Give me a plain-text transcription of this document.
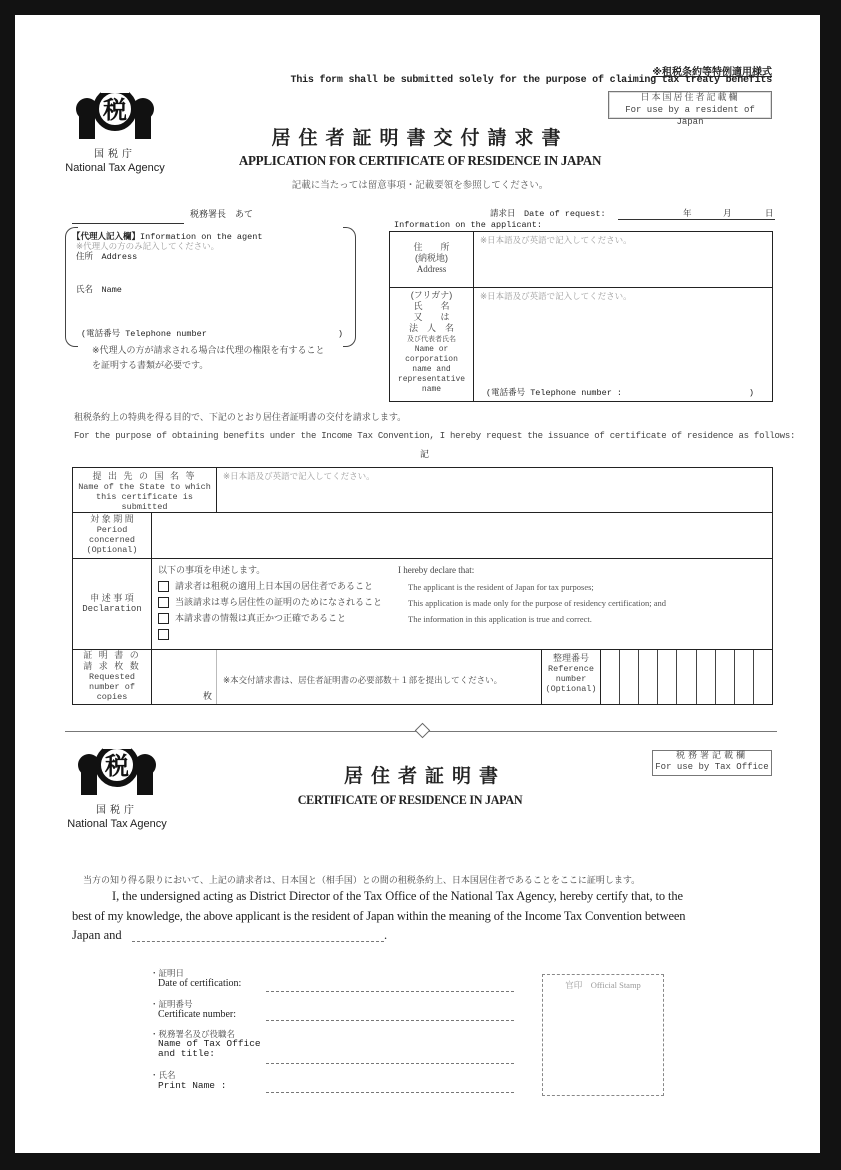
※租税条約等特例適用様式
This form shall be submitted solely for the purpose of claiming tax treaty benefits
日本国居住者記載欄
For use by a resident of Japan
税
国税庁
National Tax Agency
居住者証明書交付請求書
APPLICATION FOR CERTIFICATE OF RESIDENCE IN JAPAN
記載に当たっては留意事項・記載要領を参照してください。
税務署長　あて
【代理人記入欄】Information on the agent
※代理人の方のみ記入してください。
住所　Address
氏名　Name
(電話番号 Telephone number	)
※代理人の方が請求される場合は代理の権限を有すること
を証明する書類が必要です。
請求日　Date of request:	年	月	日
Information on the applicant:
住　　所
(納税地)
Address	※日本語及び英語で記入してください。

(フリガナ)
氏　　名
又　　は
法　人　名
及び代表者氏名
Name or
corporation
name and
representative
name

※日本語及び英語で記入してください。
(電話番号 Telephone number :	)
租税条約上の特典を得る目的で、下記のとおり居住者証明書の交付を請求します。
For the purpose of obtaining benefits under the Income Tax Convention, I hereby request the issuance of certificate of residence as follows:
記
提 出 先 の 国 名 等
Name of the State to which
this certificate is submitted		※日本語及び英語で記入してください。		

対 象 期 間
Period
concerned
(Optional)				

申 述 事 項
Declaration

以下の事項を申述します。	I hereby declare that:
請求者は租税の適用上日本国の居住者であること	The applicant is the resident of Japan for tax purposes;
当該請求は専ら居住性の証明のためになされること	This application is made only for the purpose of residency certification; and
本請求書の情報は真正かつ正確であること	The information in this application is true and correct.

証 明 書 の
請 求 枚 数
Requested
number of
copies	枚
	※本交付請求書は、居住者証明書の必要部数＋１部を提出してください。	
整理番号
Reference
number
(Optional)

税
国税庁
National Tax Agency
税務署記載欄
For use by Tax Office
居住者証明書
CERTIFICATE OF RESIDENCE IN JAPAN
当方の知り得る限りにおいて、上記の請求者は、日本国と（相手国）との間の租税条約上、日本国居住者であることをここに証明します。
I, the undersigned acting as District Director of the Tax Office of the National Tax Agency, hereby certify that, to the
best of my knowledge, the above applicant is the resident of Japan within the meaning of the Income Tax Convention between
Japan and	.
・証明日
Date of certification:
・証明番号
Certificate number:
・税務署名及び役職名
Name of Tax Office
and title:
・氏名
Print Name :
官印　Official Stamp
